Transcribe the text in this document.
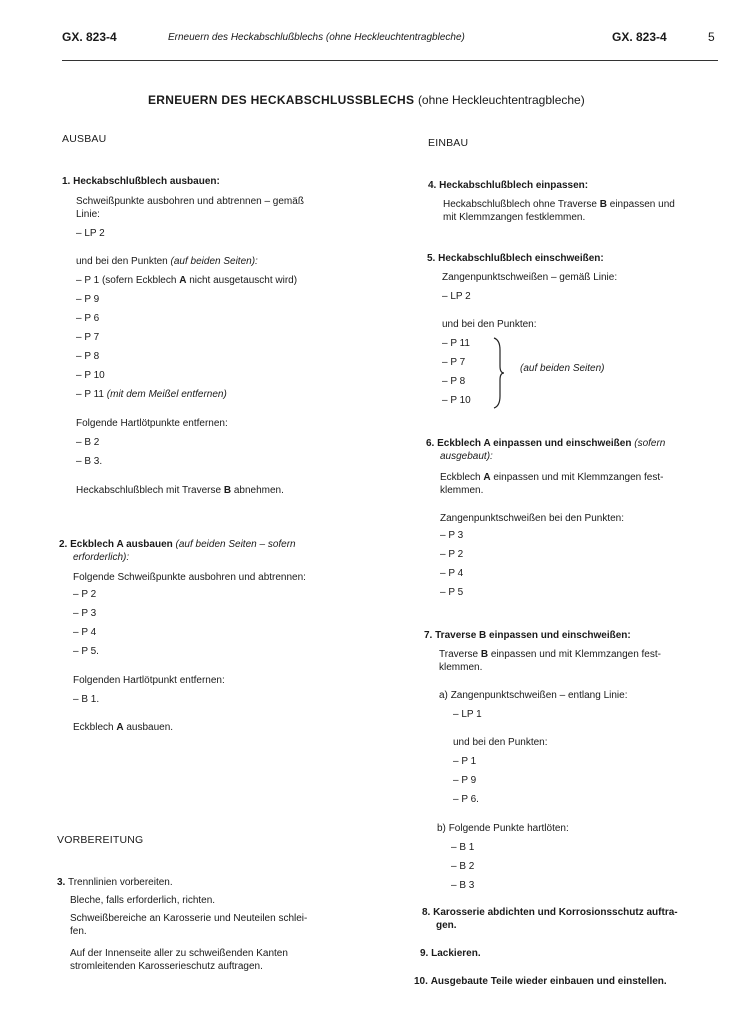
GX. 823-4	Erneuern des Heckabschlußblechs (ohne Heckleuchtentragbleche)	GX. 823-4	5
ERNEUERN DES HECKABSCHLUSSBLECHS (ohne Heckleuchtentragbleche)
AUSBAU
1. Heckabschlußblech ausbauen:
Schweißpunkte ausbohren und abtrennen – gemäß
Linie:
– LP 2
und bei den Punkten (auf beiden Seiten):
– P 1 (sofern Eckblech A nicht ausgetauscht wird)
– P 9
– P 6
– P 7
– P 8
– P 10
– P 11 (mit dem Meißel entfernen)
Folgende Hartlötpunkte entfernen:
– B 2
– B 3.
Heckabschlußblech mit Traverse B abnehmen.
2. Eckblech A ausbauen (auf beiden Seiten – sofern
erforderlich):
Folgende Schweißpunkte ausbohren und abtrennen:
– P 2
– P 3
– P 4
– P 5.
Folgenden Hartlötpunkt entfernen:
– B 1.
Eckblech A ausbauen.
VORBEREITUNG
3. Trennlinien vorbereiten.
Bleche, falls erforderlich, richten.
Schweißbereiche an Karosserie und Neuteilen schlei-
fen.
Auf der Innenseite aller zu schweißenden Kanten
stromleitenden Karosserieschutz auftragen.
EINBAU
4. Heckabschlußblech einpassen:
Heckabschlußblech ohne Traverse B einpassen und
mit Klemmzangen festklemmen.
5. Heckabschlußblech einschweißen:
Zangenpunktschweißen – gemäß Linie:
– LP 2
und bei den Punkten:
– P 11
– P 7
– P 8
– P 10
(auf beiden Seiten)
6. Eckblech A einpassen und einschweißen (sofern
ausgebaut):
Eckblech A einpassen und mit Klemmzangen fest-
klemmen.
Zangenpunktschweißen bei den Punkten:
– P 3
– P 2
– P 4
– P 5
7. Traverse B einpassen und einschweißen:
Traverse B einpassen und mit Klemmzangen fest-
klemmen.
a) Zangenpunktschweißen – entlang Linie:
– LP 1
und bei den Punkten:
– P 1
– P 9
– P 6.
b) Folgende Punkte hartlöten:
– B 1
– B 2
– B 3
8. Karosserie abdichten und Korrosionsschutz auftra-
gen.
9. Lackieren.
10. Ausgebaute Teile wieder einbauen und einstellen.
